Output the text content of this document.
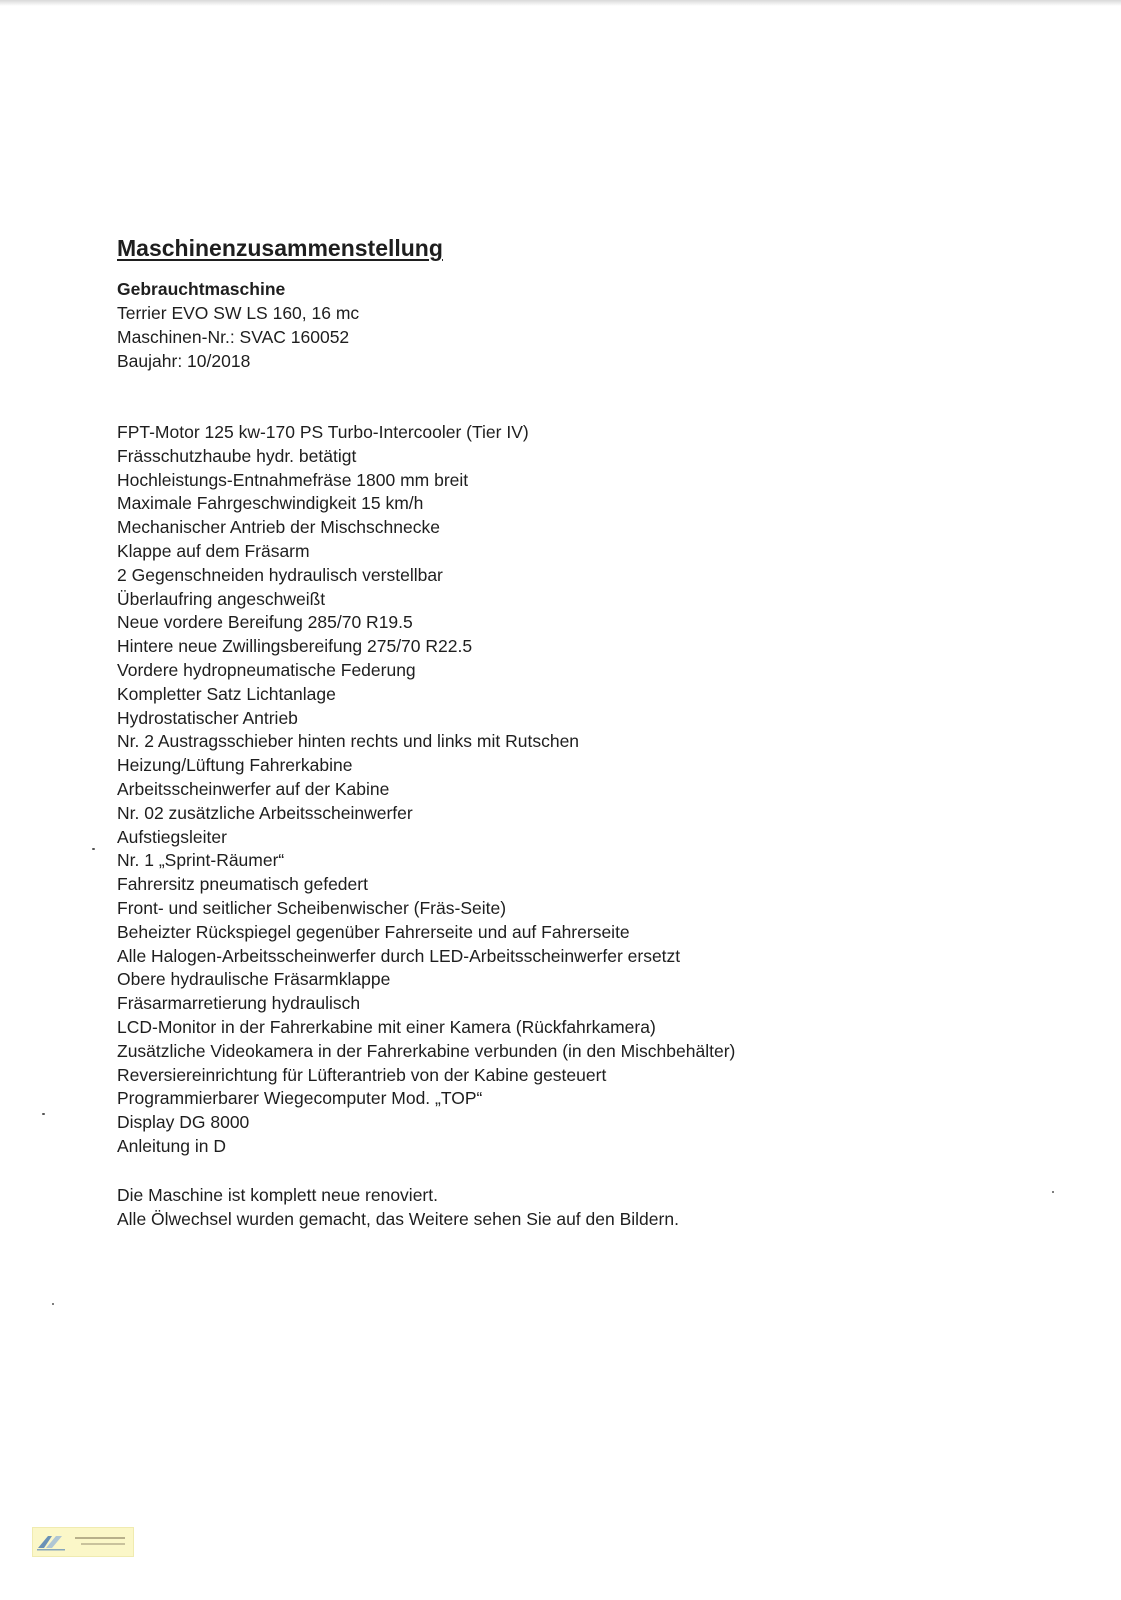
Maschinenzusammenstellung
Gebrauchtmaschine
Terrier EVO SW LS 160, 16 mc
Maschinen-Nr.: SVAC 160052
Baujahr: 10/2018
FPT-Motor 125 kw-170 PS Turbo-Intercooler (Tier IV)
Frässchutzhaube hydr. betätigt
Hochleistungs-Entnahmefräse 1800 mm breit
Maximale Fahrgeschwindigkeit 15 km/h
Mechanischer Antrieb der Mischschnecke
Klappe auf dem Fräsarm
2 Gegenschneiden hydraulisch verstellbar
Überlaufring angeschweißt
Neue vordere Bereifung 285/70 R19.5
Hintere neue Zwillingsbereifung 275/70 R22.5
Vordere hydropneumatische Federung
Kompletter Satz Lichtanlage
Hydrostatischer Antrieb
Nr. 2 Austragsschieber hinten rechts und links mit Rutschen
Heizung/Lüftung Fahrerkabine
Arbeitsscheinwerfer auf der Kabine
Nr. 02 zusätzliche Arbeitsscheinwerfer
Aufstiegsleiter
Nr. 1 „Sprint-Räumer“
Fahrersitz pneumatisch gefedert
Front- und seitlicher Scheibenwischer (Fräs-Seite)
Beheizter Rückspiegel gegenüber Fahrerseite und auf Fahrerseite
Alle Halogen-Arbeitsscheinwerfer durch LED-Arbeitsscheinwerfer ersetzt
Obere hydraulische Fräsarmklappe
Fräsarmarretierung hydraulisch
LCD-Monitor in der Fahrerkabine mit einer Kamera (Rückfahrkamera)
Zusätzliche Videokamera in der Fahrerkabine verbunden (in den Mischbehälter)
Reversiereinrichtung für Lüfterantrieb von der Kabine gesteuert
Programmierbarer Wiegecomputer Mod. „TOP“
Display DG 8000
Anleitung in D
Die Maschine ist komplett neue renoviert.
Alle Ölwechsel wurden gemacht, das Weitere sehen Sie auf den Bildern.
